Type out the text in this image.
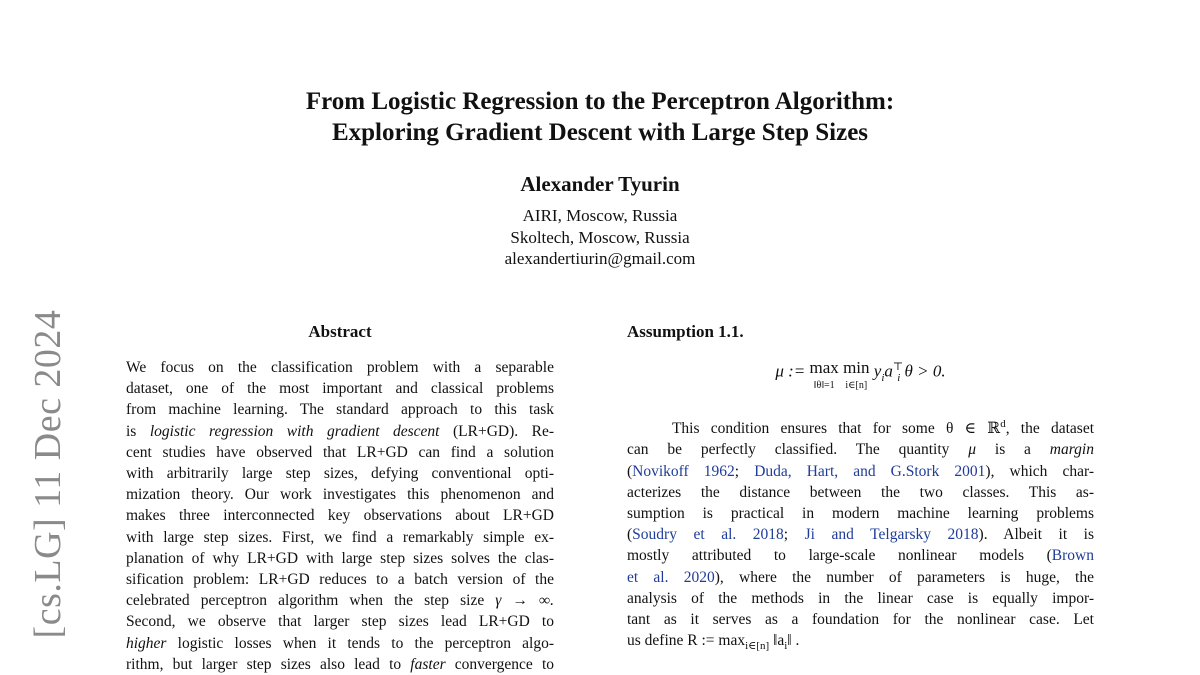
[cs.LG] 11 Dec 2024
From Logistic Regression to the Perceptron Algorithm:
Exploring Gradient Descent with Large Step Sizes
Alexander Tyurin
AIRI, Moscow, Russia
Skoltech, Moscow, Russia
alexandertiurin@gmail.com
Abstract
We focus on the classification problem with a separable
dataset, one of the most important and classical problems
from machine learning. The standard approach to this task
is logistic regression with gradient descent (LR+GD). Re-
cent studies have observed that LR+GD can find a solution
with arbitrarily large step sizes, defying conventional opti-
mization theory. Our work investigates this phenomenon and
makes three interconnected key observations about LR+GD
with large step sizes. First, we find a remarkably simple ex-
planation of why LR+GD with large step sizes solves the clas-
sification problem: LR+GD reduces to a batch version of the
celebrated perceptron algorithm when the step size γ → ∞.
Second, we observe that larger step sizes lead LR+GD to
higher logistic losses when it tends to the perceptron algo-
rithm, but larger step sizes also lead to faster convergence to
Assumption 1.1.
μ := max
‖θ‖=1 min
i∈[n] $y_ia^⊤_i$ θ > 0.
This condition ensures that for some θ ∈ ℝ$^d$, the dataset
can be perfectly classified. The quantity μ is a margin
(Novikoff 1962; Duda, Hart, and G.Stork 2001), which char-
acterizes the distance between the two classes. This as-
sumption is practical in modern machine learning problems
(Soudry et al. 2018; Ji and Telgarsky 2018). Albeit it is
mostly attributed to large-scale nonlinear models (Brown
et al. 2020), where the number of parameters is huge, the
analysis of the methods in the linear case is equally impor-
tant as it serves as a foundation for the nonlinear case. Let
us define R := $\max_{i\in[n]}$ $‖a_i‖$ .
